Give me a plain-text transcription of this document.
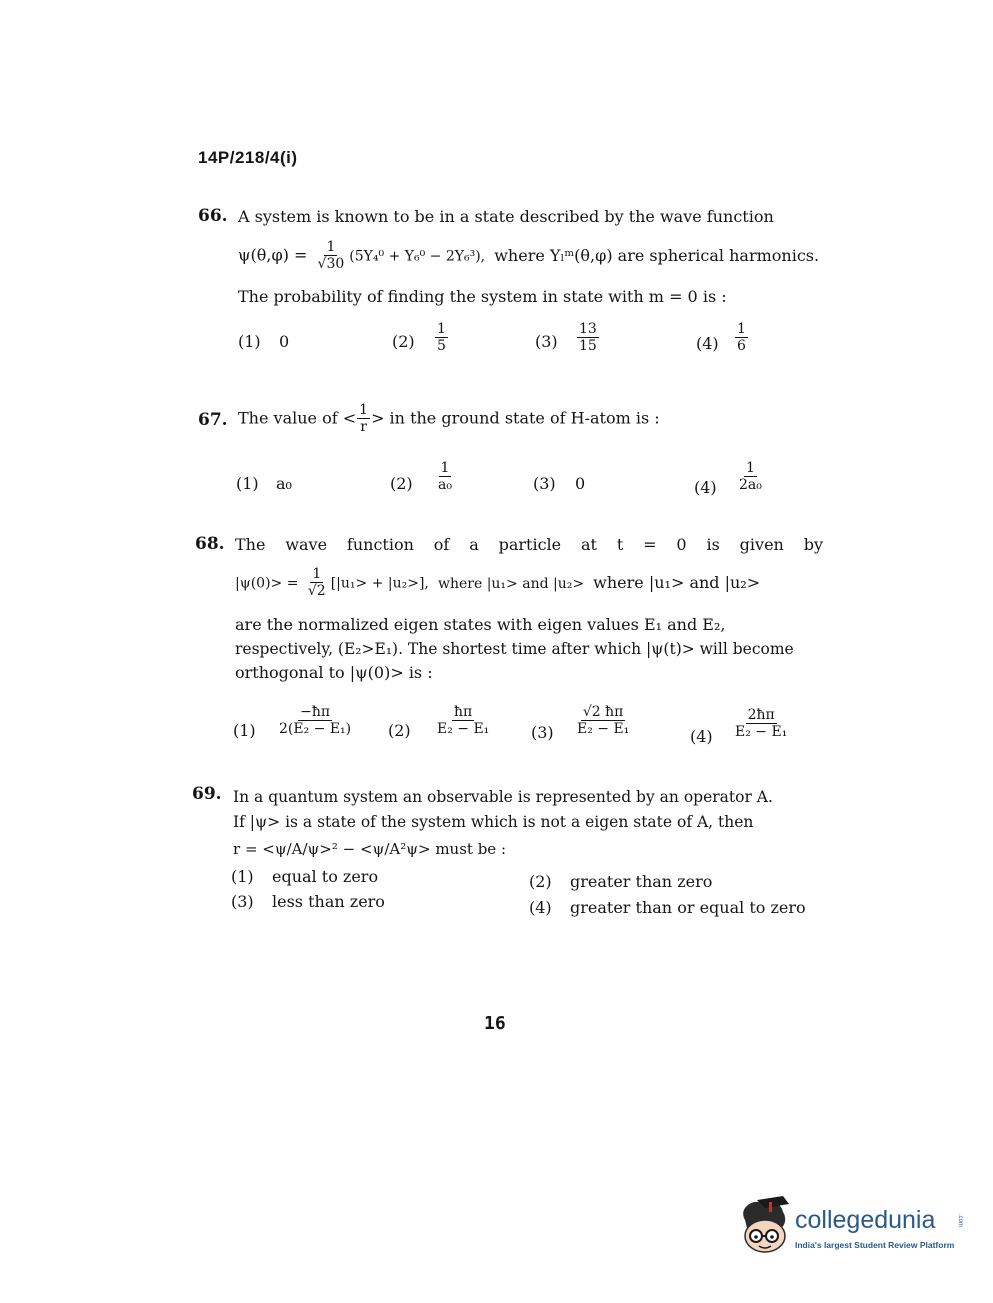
14P/218/4(i)
66. A system is known to be in a state described by the wave function
$\psi(\theta,\varphi) = \frac{1}{√30} (5Y_4^0 + Y_6^0 - 2Y_6^3)$, where Yₗᵐ(θ,φ) are spherical harmonics.
The probability of finding the system in state with m = 0 is :
(1) 0	$(2) \frac{1}{5}$	$(3) \frac{13}{15}$	$(4) \frac{1}{6}$
67. The value of < $\frac{1}{r}$ > in the ground state of H-atom is :
(1) a₀	$(2) \frac{1}{\text{a₀}}$	(3) 0	$(4) \frac{1}{\text{2a₀}}$
68. The wave function of a particle at t = 0 is given by
$|\psi(0)> = \frac{1}{√2} [|u_1> + |u_2>]$, where |u₁> and |u₂> where |u₁> and |u₂>
are the normalized eigen states with eigen values E₁ and E₂,
respectively, (E₂>E₁). The shortest time after which |ψ(t)> will become
orthogonal to |ψ(0)> is :
$(1) \frac{-ħ\pi}{\text{2(E₂ − E₁)}} (2) \frac{ħ\pi}{\text{E₂ − E₁}} (3) \frac{√2 ħ\pi}{\text{E₂ − E₁}}$	$(4) \frac{2ħ\pi}{\text{E₂ − E₁}}$
69. In a quantum system an observable is represented by an operator A.
If |ψ> is a state of the system which is not a eigen state of A, then
r = <ψ/A/ψ>² − <ψ/A²ψ> must be :
(1) equal to zero	(2) greater than zero
(3) less than zero	(4) greater than or equal to zero
16
collegedunia	.com
India's largest Student Review Platform
